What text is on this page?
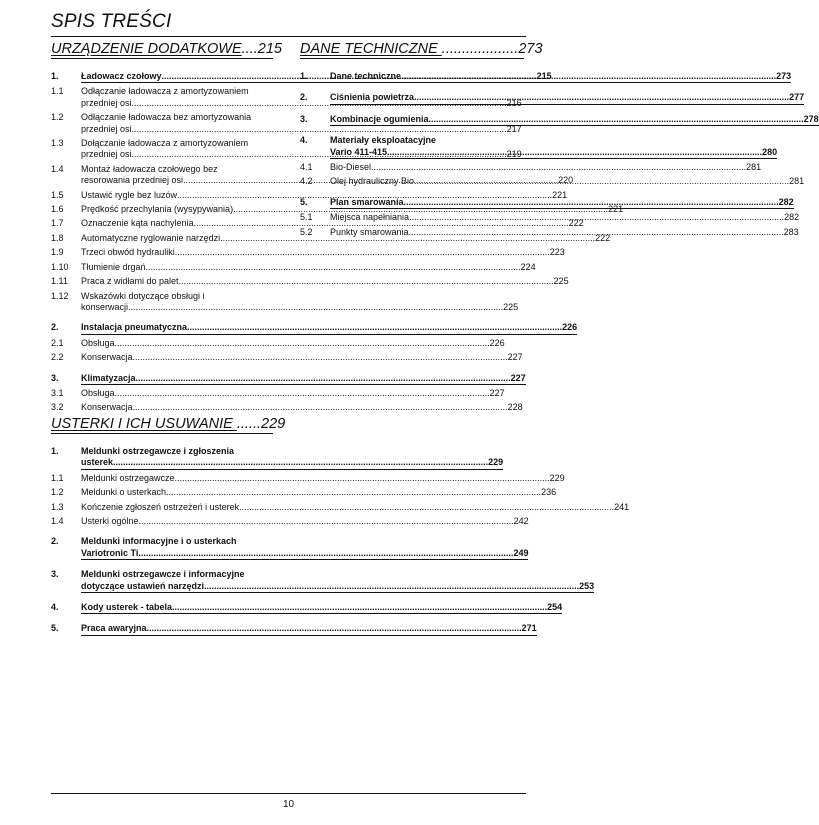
SPIS TREŚCI
URZĄDZENIE DODATKOWE....215 DANE TECHNICZNE ...................273
USTERKI I ICH USUWANIE ......229
1.	Ładowacz czołowy .....	215
1.1	Odłączanie ładowacza z amortyzowaniem
przedniej osi .....	216
1.2	Odłączanie ładowacza bez amortyzowania
przedniej osi .....	217
1.3	Dołączanie ładowacza z amortyzowaniem
przedniej osi .....	219
1.4	Montaż ładowacza czołowego bez
resorowania przedniej osi .....	220
1.5	Ustawić rygle bez luzów .....	221
1.6	Prędkość przechylania (wysypywania) .....	221
1.7	Oznaczenie kąta nachylenia .....	222
1.8	Automatyczne ryglowanie narzędzi .....	222
1.9	Trzeci obwód hydrauliki .....	223
1.10	Tłumienie drgań .....	224
1.11	Praca z widłami do palet .....	225
1.12	Wskazówki dotyczące obsługi i
konserwacji .....	225
2.	Instalacja pneumatyczna .....	226
2.1	Obsługa .....	226
2.2	Konserwacja .....	227
3.	Klimatyzacja .....	227
3.1	Obsługa .....	227
3.2	Konserwacja .....	228
1.	Dane techniczne .....	273
2.	Ciśnienia powietrza .....	277
3.	Kombinacje ogumienia .....	278
4.	Materiały eksploatacyjne
Vario 411-415 .....	280
4.1	Bio-Diesel .....	281
4.2	Olej hydrauliczny Bio .....	281
5.	Plan smarowania .....	282
5.1	Miejsca napełniania .....	282
5.2	Punkty smarowania .....	283
1.	Meldunki ostrzegawcze i zgłoszenia
usterek .....	229
1.1	Meldunki ostrzegawcze .....	229
1.2	Meldunki o usterkach .....	236
1.3	Kończenie zgłoszeń ostrzeżeń i usterek .....	241
1.4	Usterki ogólne .....	242
2.	Meldunki informacyjne i o usterkach
Variotronic Ti .....	249
3.	Meldunki ostrzegawcze i informacyjne
dotyczące ustawień narzędzi .....	253
4.	Kody usterek - tabela .....	254
5.	Praca awaryjna .....	271
10
